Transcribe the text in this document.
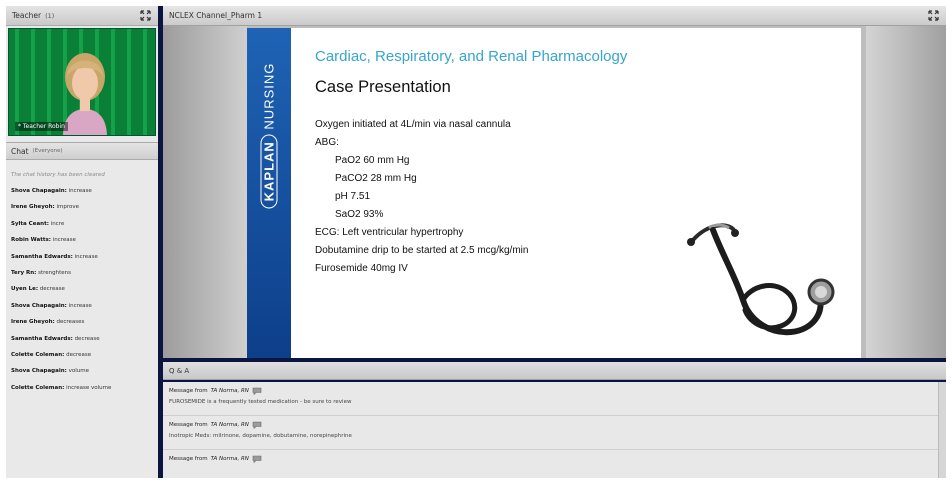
Teacher (1)
* Teacher Robin
Chat (Everyone)
The chat history has been cleared
Shova Chapagain: increase
Irene Gheyoh: improve
Sylta Ceant: incre
Robin Watts: increase
Samantha Edwards: increase
Tery Rn: strenghtens
Uyen Le: decrease
Shova Chapagain: increase
Irene Gheyoh: decreases
Samantha Edwards: decrease
Colette Coleman: decrease
Shova Chapagain: volume
Colette Coleman: increase volume
NCLEX Channel_Pharm 1
KAPLAN NURSING
Cardiac, Respiratory, and Renal Pharmacology
Case Presentation
Oxygen initiated at 4L/min via nasal cannula
ABG:
PaO2 60 mm Hg
PaCO2 28 mm Hg
pH 7.51
SaO2 93%
ECG: Left ventricular hypertrophy
Dobutamine drip to be started at 2.5 mcg/kg/min
Furosemide 40mg IV
Q & A
Message from TA Norma, RN
FUROSEMIDE is a frequently tested medication - be sure to review
Message from TA Norma, RN
Inotropic Meds: milrinone, dopamine, dobutamine, norepinephrine
Message from TA Norma, RN
